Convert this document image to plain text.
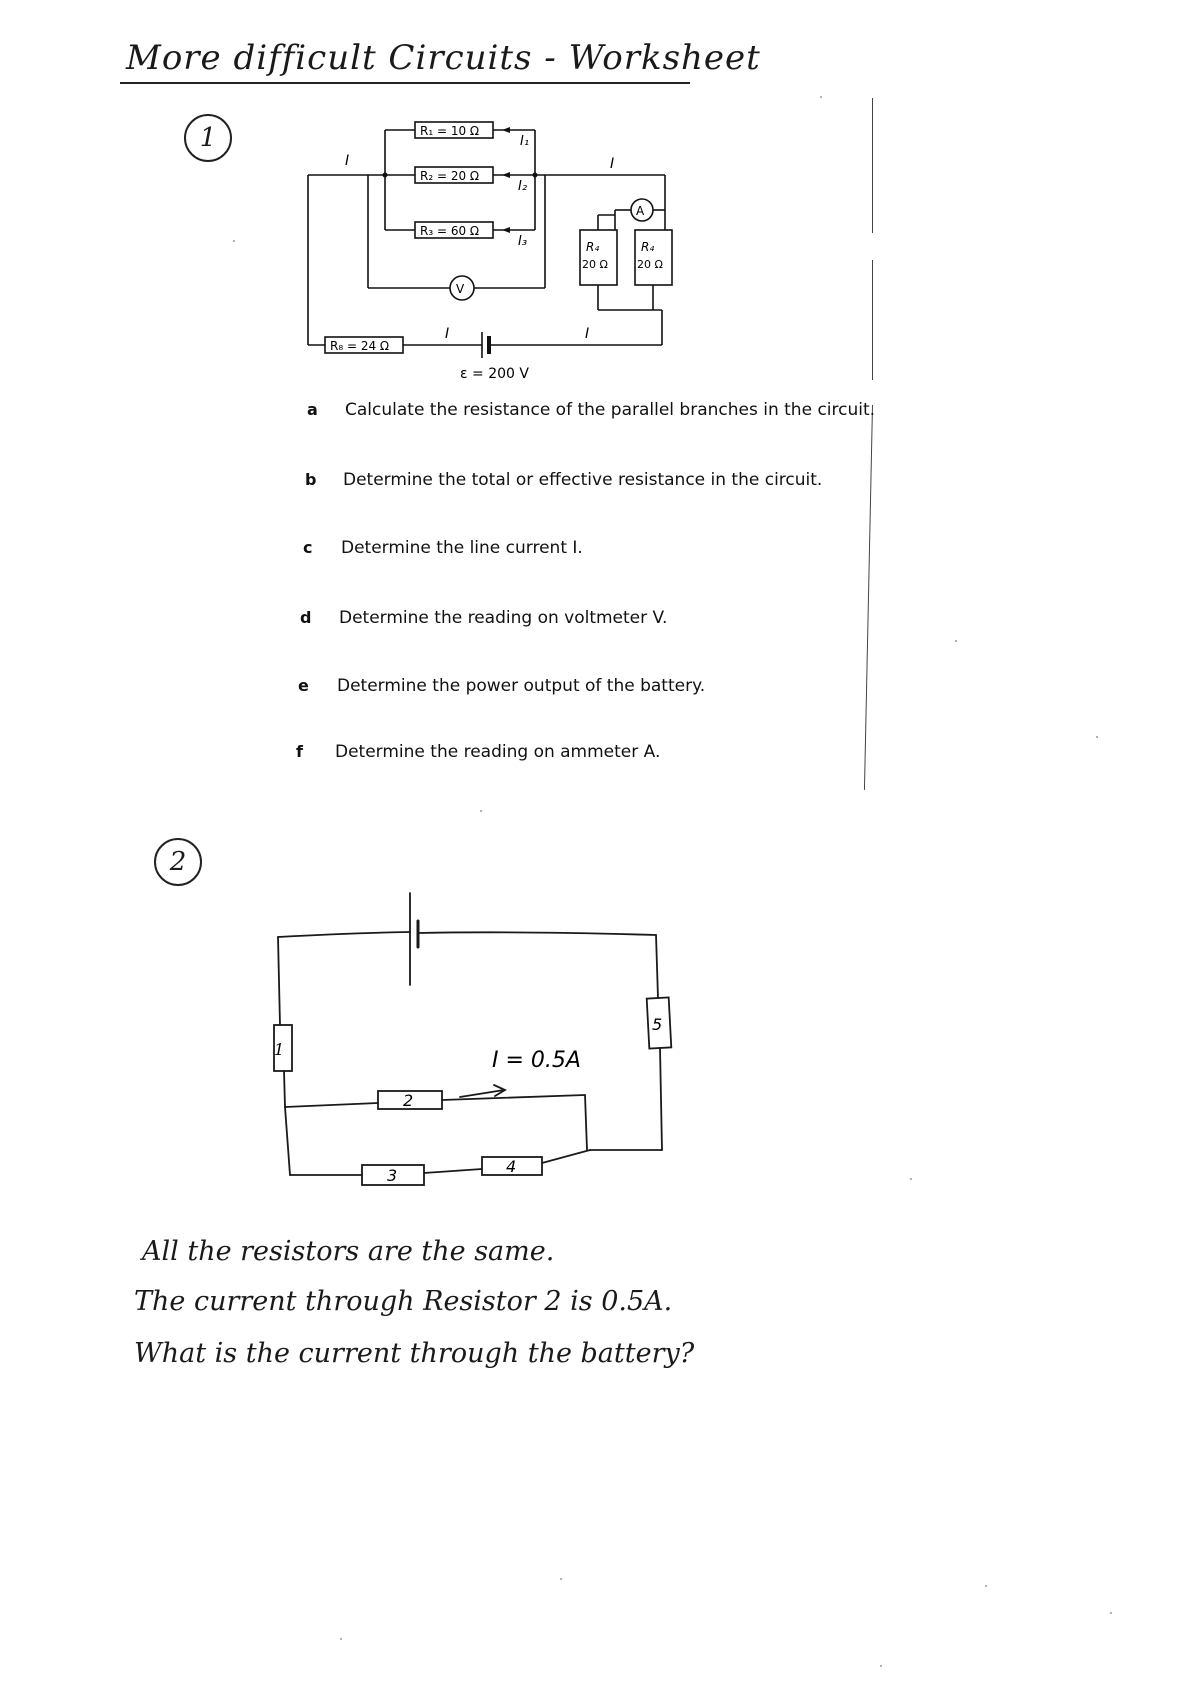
More difficult Circuits - Worksheet
1	R₁ = 10 Ω
R₂ = 20 Ω
R₃ = 60 Ω
R₈ = 24 Ω
R₄
20 Ω
R₄
20 Ω
I₁
I₂
I₃
I	I
I	I
A
V
ε = 200 V
a Calculate the resistance of the parallel branches in the circuit.
b Determine the total or effective resistance in the circuit.
c Determine the line current I.
d Determine the reading on voltmeter V.
e Determine the power output of the battery.
f Determine the reading on ammeter A.
2
1
2
3	4
5
I = 0.5A
All the resistors are the same.
The current through Resistor 2 is 0.5A.
What is the current through the battery?
